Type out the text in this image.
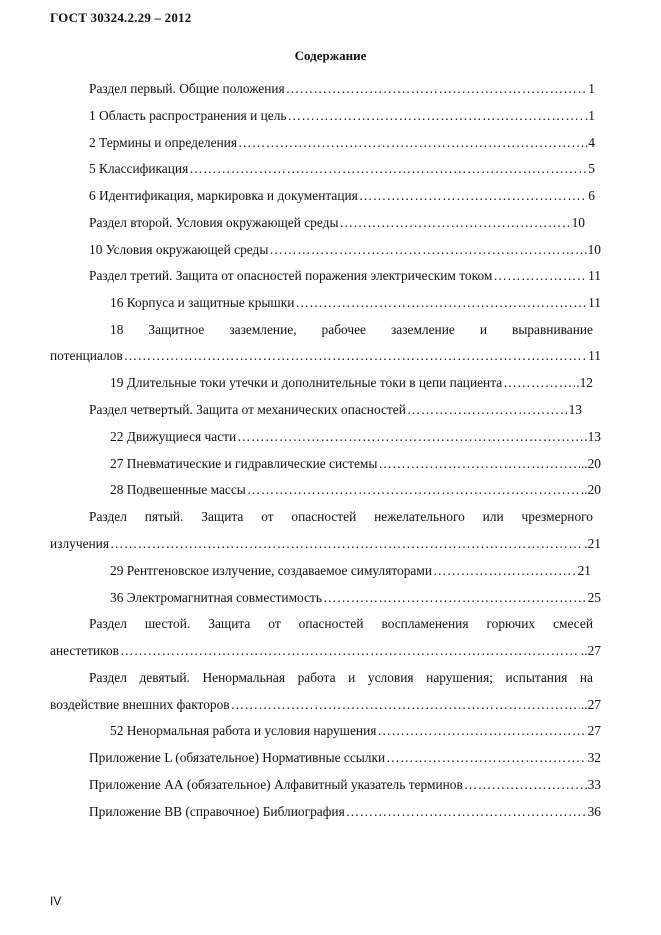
ГОСТ 30324.2.29 – 2012
Содержание
Раздел первый. Общие положения ……………………………………………………………………………………………………………………………………………………	1
1 Область распространения и цель ……………………………………………………………………………………………………………………………………………………	.1
2 Термины и определения ……………………………………………………………………………………………………………………………………………………	.4
5 Классификация ……………………………………………………………………………………………………………………………………………………	5
6 Идентификация, маркировка и документация ……………………………………………………………………………………………………………………………………………………	6
Раздел второй. Условия окружающей среды ……………………………………………………………………………………………………………………………………………………	10
10 Условия окружающей среды ……………………………………………………………………………………………………………………………………………………	.10
Раздел третий. Защита от опасностей поражения электрическим током ……………………………………………………………………………………………………………………………………………………	11
16 Корпуса и защитные крышки ……………………………………………………………………………………………………………………………………………………	11
18 Защитное заземление, рабочее заземление и выравнивание
потенциалов ……………………………………………………………………………………………………………………………………………………	11
19 Длительные токи утечки и дополнительные токи в цепи пациента ……………………………………………………………………………………………………………………………………………………	.12
Раздел четвертый. Защита от механических опасностей ……………………………………………………………………………………………………………………………………………………	13
22 Движущиеся части ……………………………………………………………………………………………………………………………………………………	.13
27 Пневматические и гидравлические системы ……………………………………………………………………………………………………………………………………………………	..20
28 Подвешенные массы ……………………………………………………………………………………………………………………………………………………	..20
Раздел пятый. Защита от опасностей нежелательного или чрезмерного
излучения ……………………………………………………………………………………………………………………………………………………	.21
29 Рентгеновское излучение, создаваемое симуляторами ……………………………………………………………………………………………………………………………………………………	21
36 Электромагнитная совместимость ……………………………………………………………………………………………………………………………………………………	25
Раздел шестой. Защита от опасностей воспламенения горючих смесей
анестетиков ……………………………………………………………………………………………………………………………………………………	..27
Раздел девятый. Ненормальная работа и условия нарушения; испытания на
воздействие внешних факторов ……………………………………………………………………………………………………………………………………………………	..27
52 Ненормальная работа и условия нарушения ……………………………………………………………………………………………………………………………………………………	27
Приложение L (обязательное) Нормативные ссылки ……………………………………………………………………………………………………………………………………………………	32
Приложение АА (обязательное) Алфавитный указатель терминов ……………………………………………………………………………………………………………………………………………………	33
Приложение ВВ (справочное) Библиография ……………………………………………………………………………………………………………………………………………………	36
IV
